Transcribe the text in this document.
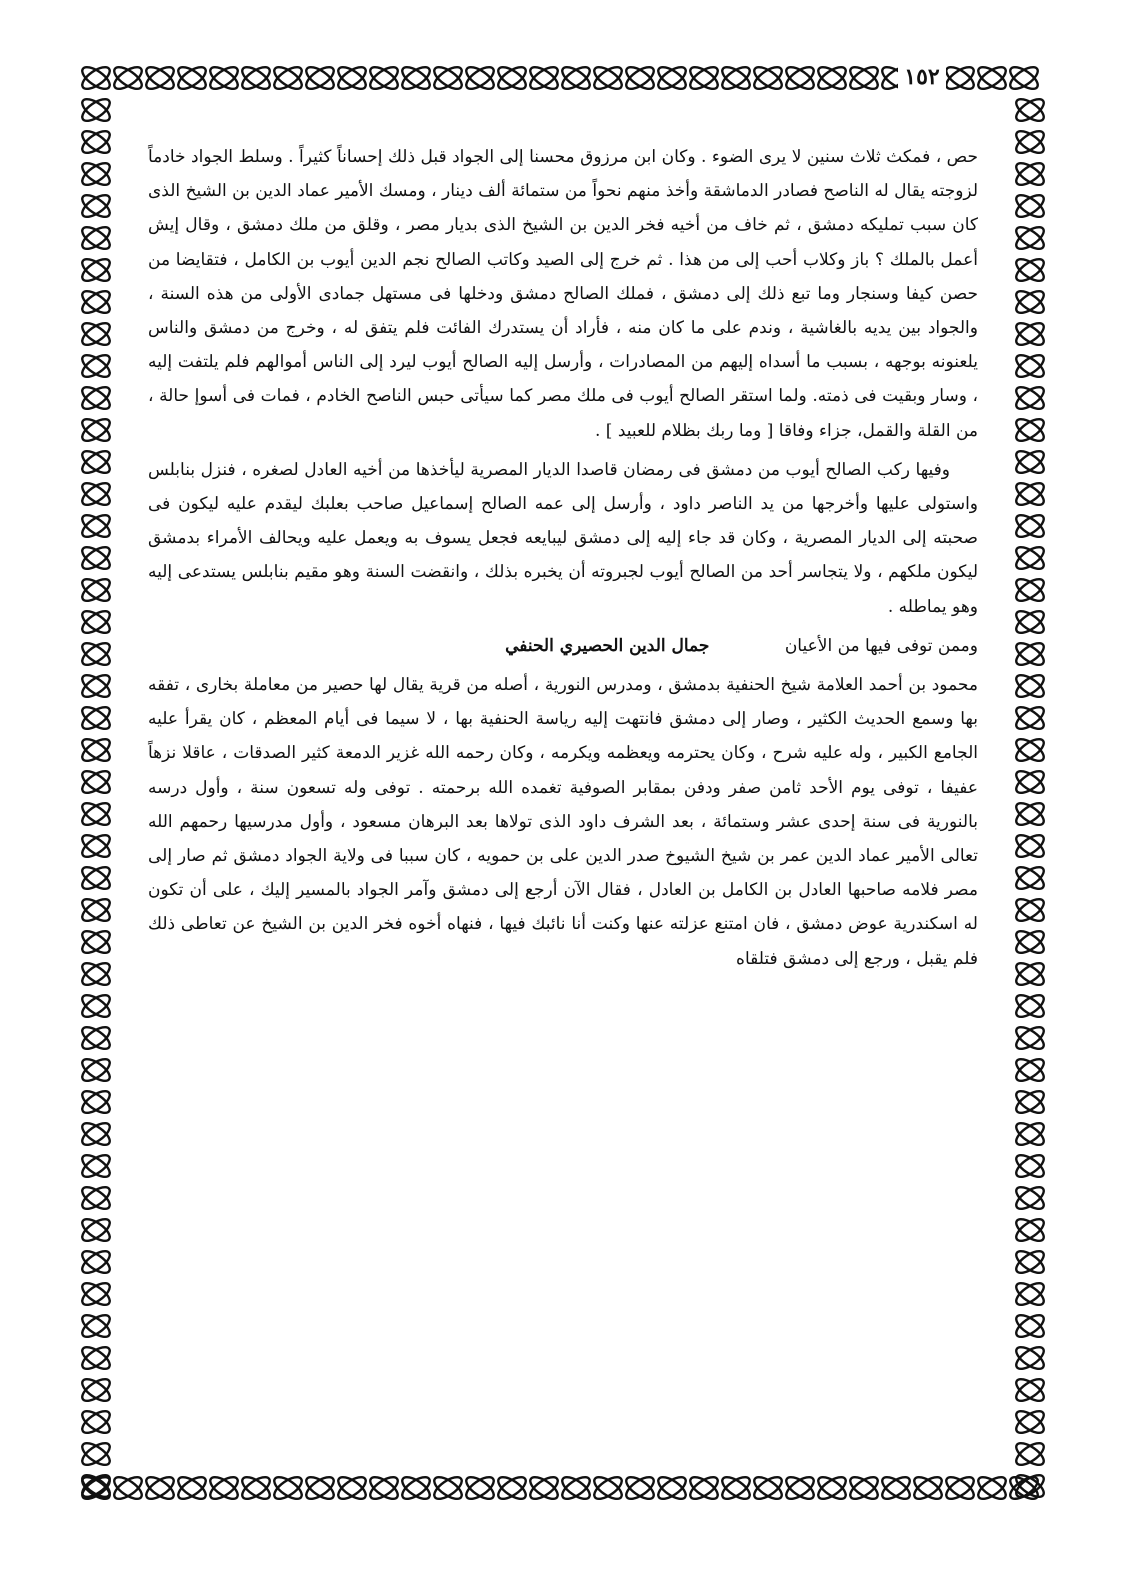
١٥٢

حص ، فمكث ثلاث سنين لا يرى الضوء . وكان ابن مرزوق محسنا إلى الجواد قبل ذلك إحساناً كثيراً . وسلط الجواد خادماً لزوجته يقال له الناصح فصادر الدماشقة وأخذ منهم نحواً من ستمائة ألف دينار ، ومسك الأمير عماد الدين بن الشيخ الذى كان سبب تمليكه دمشق ، ثم خاف من أخيه فخر الدين بن الشيخ الذى بديار مصر ، وقلق من ملك دمشق ، وقال إيش أعمل بالملك ؟ باز وكلاب أحب إلى من هذا . ثم خرج إلى الصيد وكاتب الصالح نجم الدين أيوب بن الكامل ، فتقايضا من حصن كيفا وسنجار وما تبع ذلك إلى دمشق ، فملك الصالح دمشق ودخلها فى مستهل جمادى الأولى من هذه السنة ، والجواد بين يديه بالغاشية ، وندم على ما كان منه ، فأراد أن يستدرك الفائت فلم يتفق له ، وخرج من دمشق والناس يلعنونه بوجهه ، بسبب ما أسداه إليهم من المصادرات ، وأرسل إليه الصالح أيوب ليرد إلى الناس أموالهم فلم يلتفت إليه ، وسار وبقيت فى ذمته. ولما استقر الصالح أيوب فى ملك مصر كما سيأتى حبس الناصح الخادم ، فمات فى أسوإ حالة ، من القلة والقمل، جزاء وفاقا [ وما ربك بظلام للعبيد ] .

وفيها ركب الصالح أيوب من دمشق فى رمضان قاصدا الديار المصرية ليأخذها من أخيه العادل لصغره ، فنزل بنابلس واستولى عليها وأخرجها من يد الناصر داود ، وأرسل إلى عمه الصالح إسماعيل صاحب بعلبك ليقدم عليه ليكون فى صحبته إلى الديار المصرية ، وكان قد جاء إليه إلى دمشق ليبايعه فجعل يسوف به ويعمل عليه ويحالف الأمراء بدمشق ليكون ملكهم ، ولا يتجاسر أحد من الصالح أيوب لجبروته أن يخبره بذلك ، وانقضت السنة وهو مقيم بنابلس يستدعى إليه وهو يماطله .

وممن توفى فيها من الأعيان جمال الدين الحصيري الحنفي

محمود بن أحمد العلامة شيخ الحنفية بدمشق ، ومدرس النورية ، أصله من قرية يقال لها حصير من معاملة بخارى ، تفقه بها وسمع الحديث الكثير ، وصار إلى دمشق فانتهت إليه رياسة الحنفية بها ، لا سيما فى أيام المعظم ، كان يقرأ عليه الجامع الكبير ، وله عليه شرح ، وكان يحترمه ويعظمه ويكرمه ، وكان رحمه الله غزير الدمعة كثير الصدقات ، عاقلا نزهاً عفيفا ، توفى يوم الأحد ثامن صفر ودفن بمقابر الصوفية تغمده الله برحمته . توفى وله تسعون سنة ، وأول درسه بالنورية فى سنة إحدى عشر وستمائة ، بعد الشرف داود الذى تولاها بعد البرهان مسعود ، وأول مدرسيها رحمهم الله تعالى الأمير عماد الدين عمر بن شيخ الشيوخ صدر الدين على بن حمويه ، كان سببا فى ولاية الجواد دمشق ثم صار إلى مصر فلامه صاحبها العادل بن الكامل بن العادل ، فقال الآن أرجع إلى دمشق وآمر الجواد بالمسير إليك ، على أن تكون له اسكندرية عوض دمشق ، فان امتنع عزلته عنها وكنت أنا نائبك فيها ، فنهاه أخوه فخر الدين بن الشيخ عن تعاطى ذلك فلم يقبل ، ورجع إلى دمشق فتلقاه
